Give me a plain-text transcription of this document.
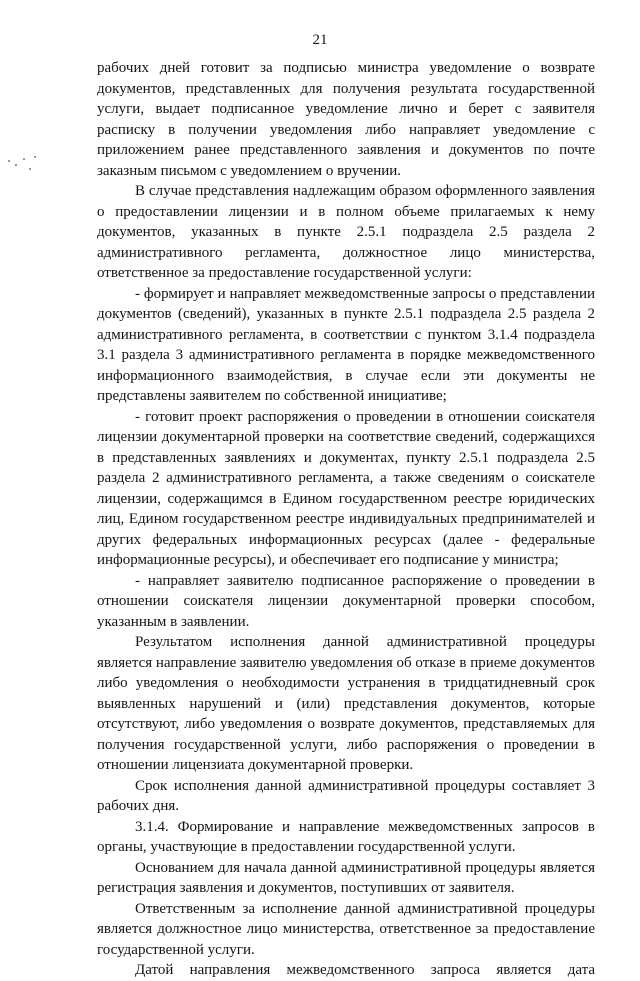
21

рабочих дней готовит за подписью министра уведомление о возврате документов, представленных для получения результата государственной услуги, выдает подписанное уведомление лично и берет с заявителя расписку в получении уведомления либо направляет уведомление с приложением ранее представленного заявления и документов по почте заказным письмом с уведомлением о вручении.

В случае представления надлежащим образом оформленного заявления о предоставлении лицензии и в полном объеме прилагаемых к нему документов, указанных в пункте 2.5.1 подраздела 2.5 раздела 2 административного регламента, должностное лицо министерства, ответственное за предоставление государственной услуги:

- формирует и направляет межведомственные запросы о представлении документов (сведений), указанных в пункте 2.5.1 подраздела 2.5 раздела 2 административного регламента, в соответствии с пунктом 3.1.4 подраздела 3.1 раздела 3 административного регламента в порядке межведомственного информационного взаимодействия, в случае если эти документы не представлены заявителем по собственной инициативе;

- готовит проект распоряжения о проведении в отношении соискателя лицензии документарной проверки на соответствие сведений, содержащихся в представленных заявлениях и документах, пункту 2.5.1 подраздела 2.5 раздела 2 административного регламента, а также сведениям о соискателе лицензии, содержащимся в Едином государственном реестре юридических лиц, Едином государственном реестре индивидуальных предпринимателей и других федеральных информационных ресурсах (далее - федеральные информационные ресурсы), и обеспечивает его подписание у министра;

- направляет заявителю подписанное распоряжение о проведении в отношении соискателя лицензии документарной проверки способом, указанным в заявлении.

Результатом исполнения данной административной процедуры является направление заявителю уведомления об отказе в приеме документов либо уведомления о необходимости устранения в тридцатидневный срок выявленных нарушений и (или) представления документов, которые отсутствуют, либо уведомления о возврате документов, представляемых для получения государственной услуги, либо распоряжения о проведении в отношении лицензиата документарной проверки.

Срок исполнения данной административной процедуры составляет 3 рабочих дня.

3.1.4. Формирование и направление межведомственных запросов в органы, участвующие в предоставлении государственной услуги.

Основанием для начала данной административной процедуры является регистрация заявления и документов, поступивших от заявителя.

Ответственным за исполнение данной административной процедуры является должностное лицо министерства, ответственное за предоставление государственной услуги.

Датой направления межведомственного запроса является дата
